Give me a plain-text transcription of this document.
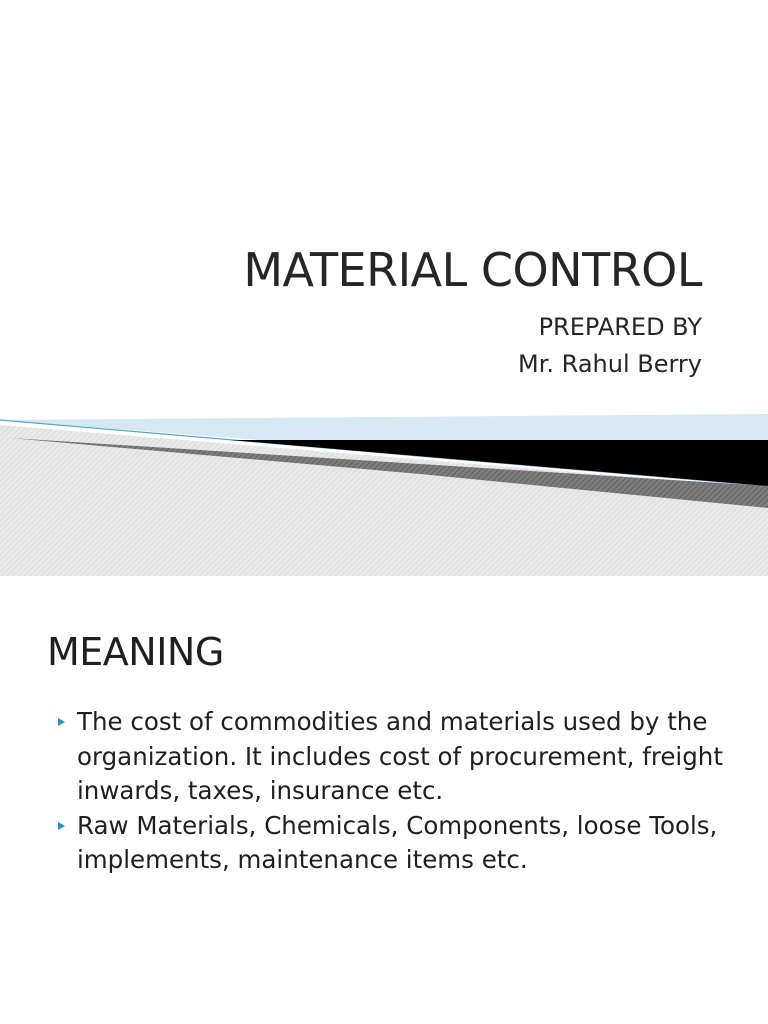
MATERIAL CONTROL

PREPARED BY

Mr. Rahul Berry

MEANING
The cost of commodities and materials used by the organization. It includes cost of procurement, freight inwards, taxes, insurance etc.
Raw Materials, Chemicals, Components, loose Tools, implements, maintenance items etc.
